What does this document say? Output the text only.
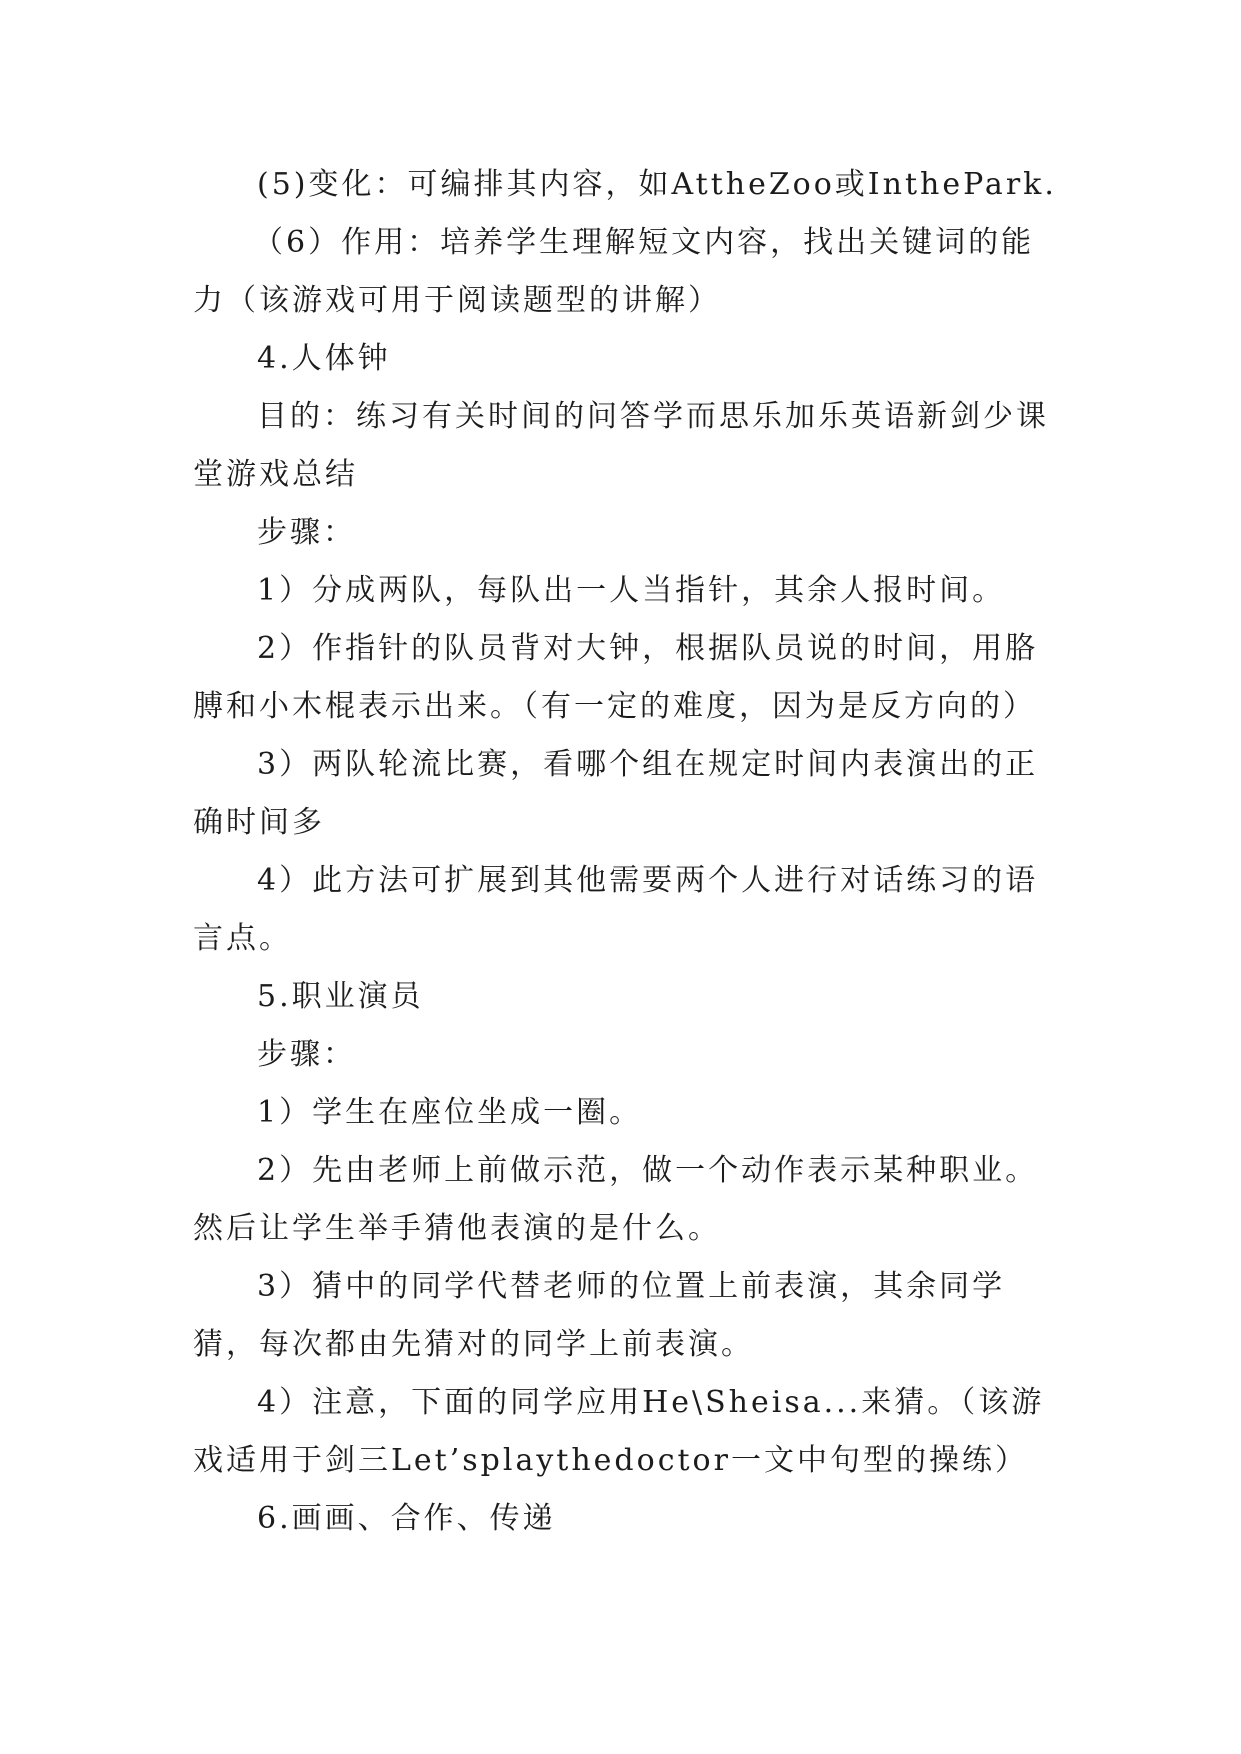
(5)变化：可编排其内容，如AttheZoo或InthePark.

（6）作用：培养学生理解短文内容，找出关键词的能力（该游戏可用于阅读题型的讲解）

4.人体钟

目的：练习有关时间的问答学而思乐加乐英语新剑少课堂游戏总结

步骤：

1）分成两队，每队出一人当指针，其余人报时间。

2）作指针的队员背对大钟，根据队员说的时间，用胳膊和小木棍表示出来。（有一定的难度，因为是反方向的）

3）两队轮流比赛，看哪个组在规定时间内表演出的正确时间多

4）此方法可扩展到其他需要两个人进行对话练习的语言点。

5.职业演员

步骤：

1）学生在座位坐成一圈。

2）先由老师上前做示范，做一个动作表示某种职业。然后让学生举手猜他表演的是什么。

3）猜中的同学代替老师的位置上前表演，其余同学猜，每次都由先猜对的同学上前表演。

4）注意，下面的同学应用He\Sheisa...来猜。（该游戏适用于剑三Let’splaythedoctor一文中句型的操练）

6.画画、合作、传递
